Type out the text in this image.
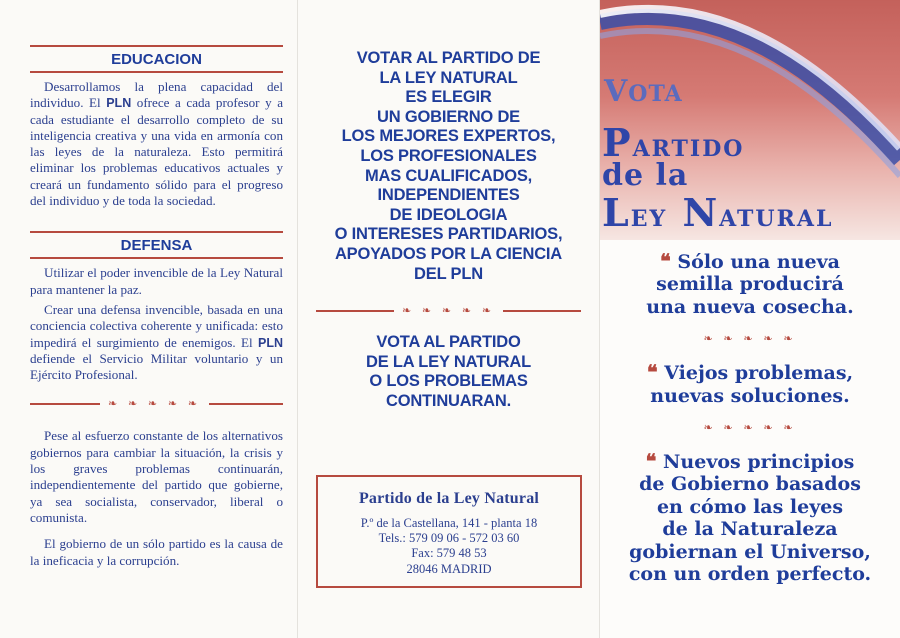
EDUCACION

Desarrollamos la plena capacidad del individuo. El PLN ofrece a cada profesor y a cada estudiante el desarrollo completo de su inteligencia creativa y una vida en armonía con las leyes de la naturaleza. Esto permitirá eliminar los problemas educativos actuales y creará un fundamento sólido para el progreso del individuo y de toda la sociedad.

DEFENSA

Utilizar el poder invencible de la Ley Natural para mantener la paz.

Crear una defensa invencible, basada en una conciencia colectiva coherente y unificada: esto impedirá el surgimiento de enemigos. El PLN defiende el Servicio Militar voluntario y un Ejército Profesional.

❧ ❧ ❧ ❧ ❧

Pese al esfuerzo constante de los alternativos gobiernos para cambiar la situación, la crisis y los graves problemas continuarán, independientemente del partido que gobierne, ya sea socialista, conservador, liberal o comunista.

El gobierno de un sólo partido es la causa de la ineficacia y la corrupción.

VOTAR AL PARTIDO DE
LA LEY NATURAL
ES ELEGIR
UN GOBIERNO DE
LOS MEJORES EXPERTOS,
LOS PROFESIONALES
MAS CUALIFICADOS,
INDEPENDIENTES
DE IDEOLOGIA
O INTERESES PARTIDARIOS,
APOYADOS POR LA CIENCIA
DEL PLN
❧ ❧ ❧ ❧ ❧
VOTA AL PARTIDO
DE LA LEY NATURAL
O LOS PROBLEMAS
CONTINUARAN.
Partido de la Ley Natural
P.º de la Castellana, 141 - planta 18
Tels.: 579 09 06 - 572 03 60
Fax: 579 48 53
28046 MADRID
VOTA
PARTIDO
de la
LEY NATURAL
❝ Sólo una nueva
semilla producirá
una nueva cosecha.
❧ ❧ ❧ ❧ ❧
❝ Viejos problemas,
nuevas soluciones.
❧ ❧ ❧ ❧ ❧
❝ Nuevos principios
de Gobierno basados
en cómo las leyes
de la Naturaleza
gobiernan el Universo,
con un orden perfecto.
